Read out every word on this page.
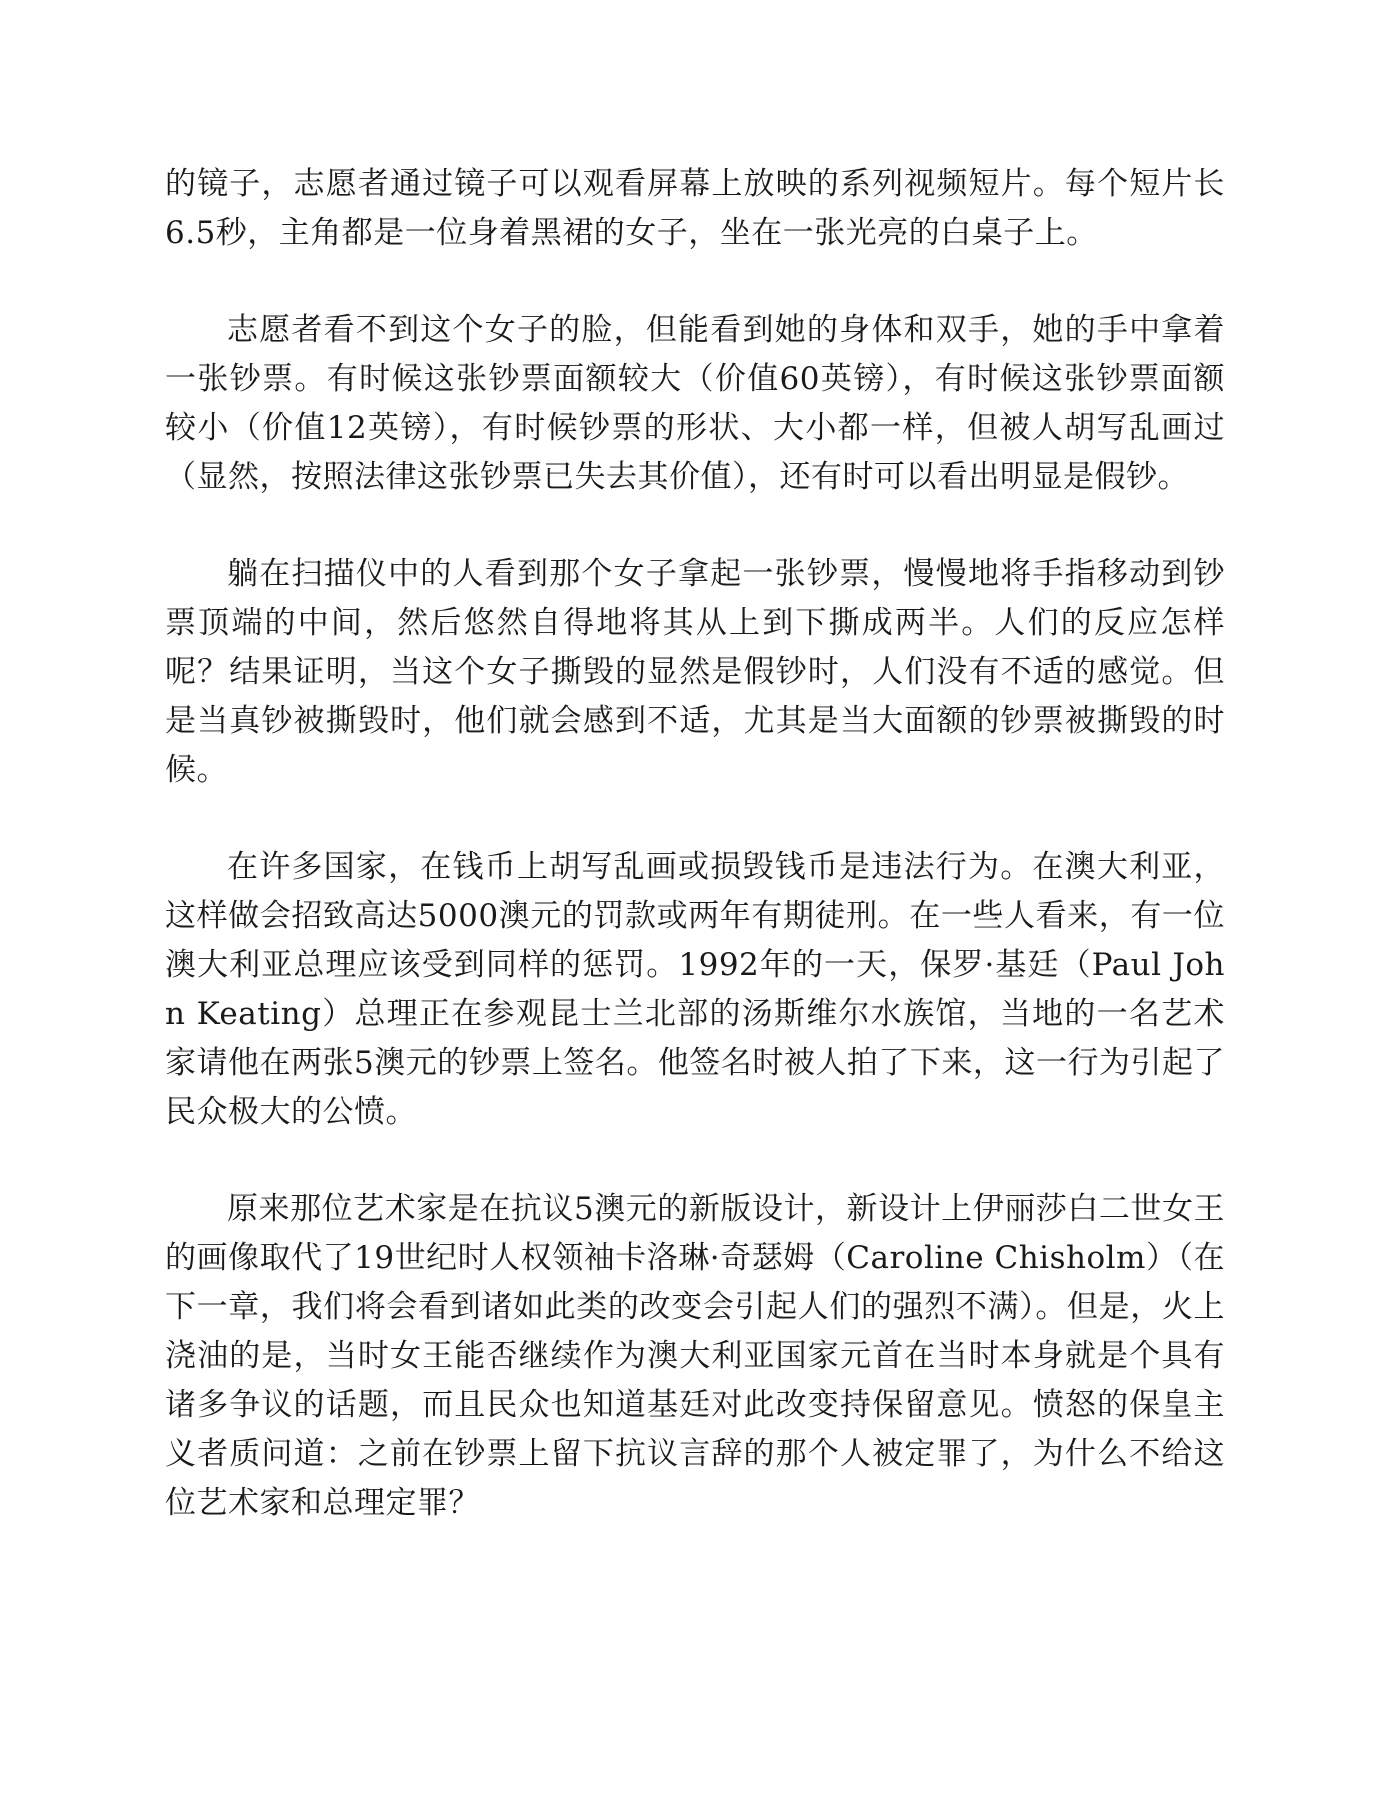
的镜子，志愿者通过镜子可以观看屏幕上放映的系列视频短片。每个短片长6.5秒，主角都是一位身着黑裙的女子，坐在一张光亮的白桌子上。

志愿者看不到这个女子的脸，但能看到她的身体和双手，她的手中拿着一张钞票。有时候这张钞票面额较大（价值60英镑），有时候这张钞票面额较小（价值12英镑），有时候钞票的形状、大小都一样，但被人胡写乱画过（显然，按照法律这张钞票已失去其价值），还有时可以看出明显是假钞。

躺在扫描仪中的人看到那个女子拿起一张钞票，慢慢地将手指移动到钞票顶端的中间，然后悠然自得地将其从上到下撕成两半。人们的反应怎样呢？结果证明，当这个女子撕毁的显然是假钞时，人们没有不适的感觉。但是当真钞被撕毁时，他们就会感到不适，尤其是当大面额的钞票被撕毁的时候。

在许多国家，在钱币上胡写乱画或损毁钱币是违法行为。在澳大利亚，这样做会招致高达5000澳元的罚款或两年有期徒刑。在一些人看来，有一位澳大利亚总理应该受到同样的惩罚。1992年的一天，保罗·基廷（Paul John Keating）总理正在参观昆士兰北部的汤斯维尔水族馆，当地的一名艺术家请他在两张5澳元的钞票上签名。他签名时被人拍了下来，这一行为引起了民众极大的公愤。

原来那位艺术家是在抗议5澳元的新版设计，新设计上伊丽莎白二世女王的画像取代了19世纪时人权领袖卡洛琳·奇瑟姆（Caroline Chisholm）（在下一章，我们将会看到诸如此类的改变会引起人们的强烈不满）。但是，火上浇油的是，当时女王能否继续作为澳大利亚国家元首在当时本身就是个具有诸多争议的话题，而且民众也知道基廷对此改变持保留意见。愤怒的保皇主义者质问道：之前在钞票上留下抗议言辞的那个人被定罪了，为什么不给这位艺术家和总理定罪？
